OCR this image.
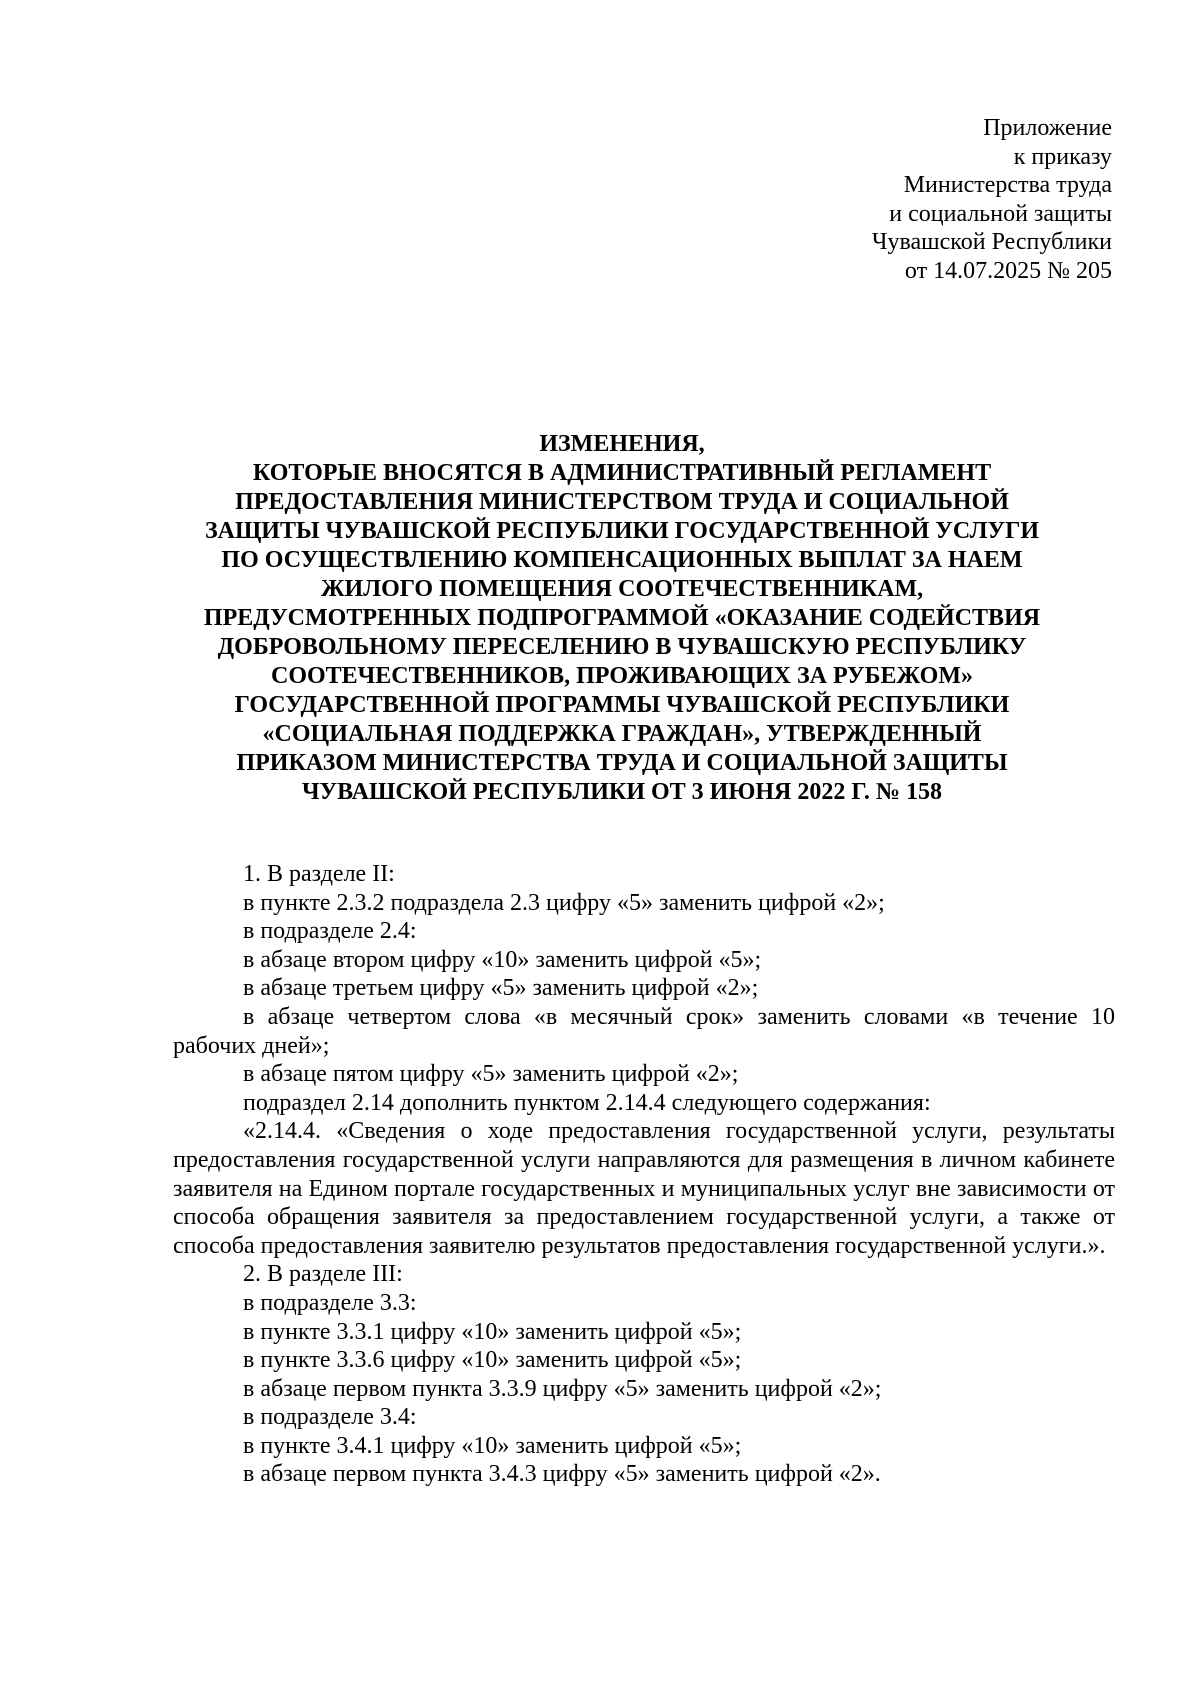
Приложение
к приказу
Министерства труда
и социальной защиты
Чувашской Республики
от 14.07.2025 № 205
ИЗМЕНЕНИЯ,
КОТОРЫЕ ВНОСЯТСЯ В АДМИНИСТРАТИВНЫЙ РЕГЛАМЕНТ
ПРЕДОСТАВЛЕНИЯ МИНИСТЕРСТВОМ ТРУДА И СОЦИАЛЬНОЙ
ЗАЩИТЫ ЧУВАШСКОЙ РЕСПУБЛИКИ ГОСУДАРСТВЕННОЙ УСЛУГИ
ПО ОСУЩЕСТВЛЕНИЮ КОМПЕНСАЦИОННЫХ ВЫПЛАТ ЗА НАЕМ
ЖИЛОГО ПОМЕЩЕНИЯ СООТЕЧЕСТВЕННИКАМ,
ПРЕДУСМОТРЕННЫХ ПОДПРОГРАММОЙ «ОКАЗАНИЕ СОДЕЙСТВИЯ
ДОБРОВОЛЬНОМУ ПЕРЕСЕЛЕНИЮ В ЧУВАШСКУЮ РЕСПУБЛИКУ
СООТЕЧЕСТВЕННИКОВ, ПРОЖИВАЮЩИХ ЗА РУБЕЖОМ»
ГОСУДАРСТВЕННОЙ ПРОГРАММЫ ЧУВАШСКОЙ РЕСПУБЛИКИ
«СОЦИАЛЬНАЯ ПОДДЕРЖКА ГРАЖДАН», УТВЕРЖДЕННЫЙ
ПРИКАЗОМ МИНИСТЕРСТВА ТРУДА И СОЦИАЛЬНОЙ ЗАЩИТЫ
ЧУВАШСКОЙ РЕСПУБЛИКИ ОТ 3 ИЮНЯ 2022 Г. № 158
1. В разделе II:
в пункте 2.3.2 подраздела 2.3 цифру «5» заменить цифрой «2»;
в подразделе 2.4:
в абзаце втором цифру «10» заменить цифрой «5»;
в абзаце третьем цифру «5» заменить цифрой «2»;
в абзаце четвертом слова «в месячный срок» заменить словами «в течение 10 рабочих дней»;
в абзаце пятом цифру «5» заменить цифрой «2»;
подраздел 2.14 дополнить пунктом 2.14.4 следующего содержания:
«2.14.4. «Сведения о ходе предоставления государственной услуги, результаты предоставления государственной услуги направляются для размещения в личном кабинете заявителя на Едином портале государственных и муниципальных услуг вне зависимости от способа обращения заявителя за предоставлением государственной услуги, а также от способа предоставления заявителю результатов предоставления государственной услуги.».
2. В разделе III:
в подразделе 3.3:
в пункте 3.3.1 цифру «10» заменить цифрой «5»;
в пункте 3.3.6 цифру «10» заменить цифрой «5»;
в абзаце первом пункта 3.3.9 цифру «5» заменить цифрой «2»;
в подразделе 3.4:
в пункте 3.4.1 цифру «10» заменить цифрой «5»;
в абзаце первом пункта 3.4.3 цифру «5» заменить цифрой «2».
